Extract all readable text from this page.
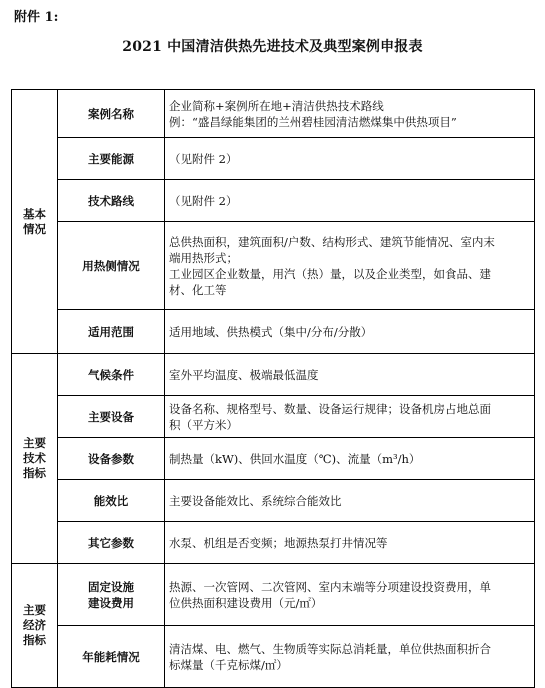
附件 1:
2021 中国清洁供热先进技术及典型案例申报表
基本
情况	案例名称	企业简称+案例所在地+清洁供热技术路线
例：“盛昌绿能集团的兰州碧桂园清洁燃煤集中供热项目”

	主要能源	（见附件 2）

	技术路线	（见附件 2）

	用热侧情况	总供热面积，建筑面积/户数、结构形式、建筑节能情况、室内末
端用热形式；
工业园区企业数量，用汽（热）量，以及企业类型，如食品、建
材、化工等

	适用范围	适用地域、供热模式（集中/分布/分散）

主要
技术
指标	气候条件	室外平均温度、极端最低温度

	主要设备	设备名称、规格型号、数量、设备运行规律；设备机房占地总面
积（平方米）

	设备参数	制热量（kW)、供回水温度（℃)、流量（m³/h）

	能效比	主要设备能效比、系统综合能效比

	其它参数	水泵、机组是否变频；地源热泵打井情况等

主要
经济
指标	固定设施
建设费用	热源、一次管网、二次管网、室内末端等分项建设投资费用，单
位供热面积建设费用（元/㎡）

	年能耗情况	清洁煤、电、燃气、生物质等实际总消耗量，单位供热面积折合
标煤量（千克标煤/㎡）
